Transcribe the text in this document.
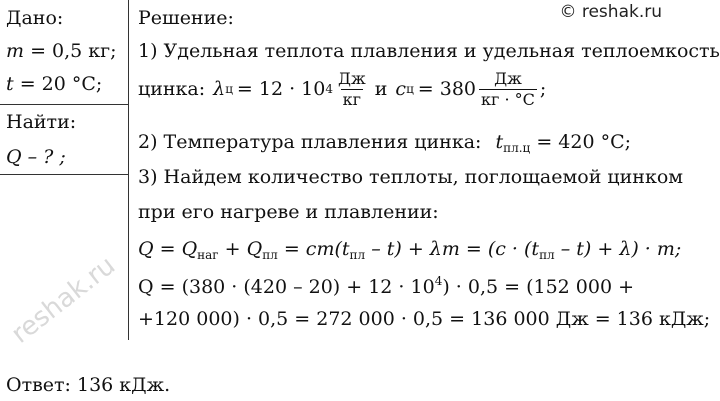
© reshak.ru
reshak.ru
Дано:
m = 0,5 кг;
t = 20 °C;
Найти:
Q – ? ;
Решение:
1) Удельная теплота плавления и удельная теплоемкость
цинка: λ ц = 12 · 10 $4 \frac{Дж}{кг}$ и c $ц = 380 \frac{Дж}{кг \cdot ^\circ C}$ ;
2) Температура плавления цинка: $t_{пл.ц} = 420$ °C;
3) Найдем количество теплоты, поглощаемой цинком
при его нагреве и плавлении:
$Q = Q_{наг} + Q_{пл} = cm(t_{пл} - t) + \lambda m = (c \cdot (t_{пл} - t) + \lambda) \cdot m$;
$Q = (380 \cdot (420 - 20) + 12 \cdot 10^4) \cdot 0,5 = (152$ 000 +
+120 000) · 0,5 = 272 000 · 0,5 = 136 000 Дж = 136 кДж;
Ответ: 136 кДж.
